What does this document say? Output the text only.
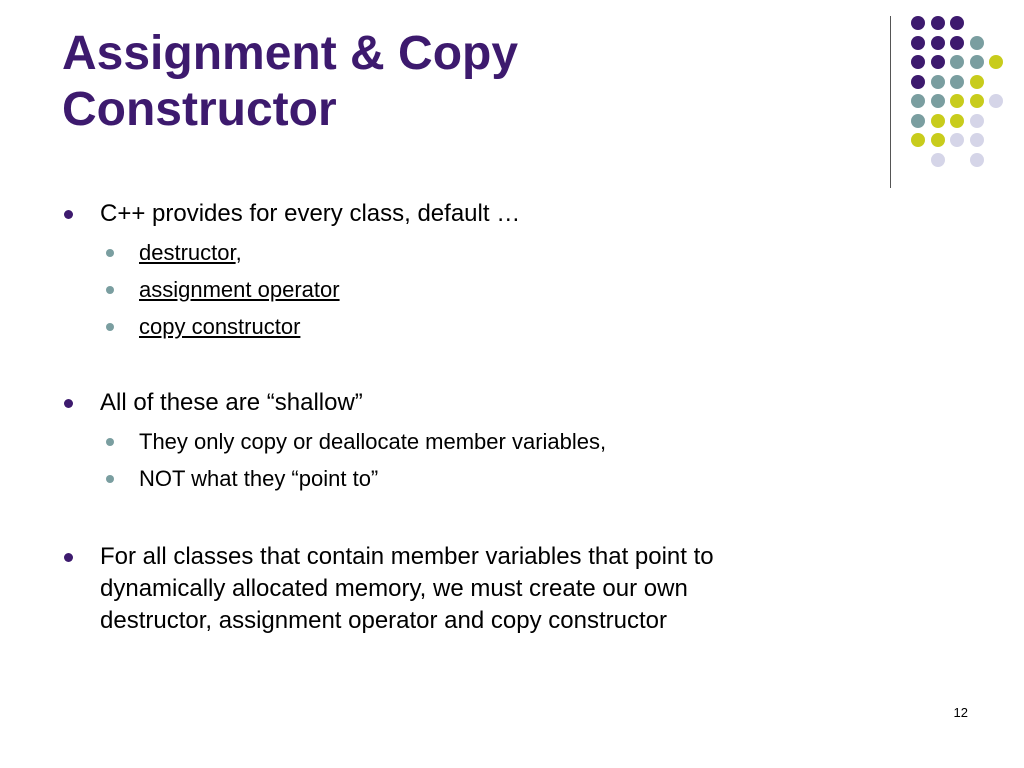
Assignment & Copy
Constructor
C++ provides for every class, default …
destructor,
assignment operator
copy constructor
All of these are “shallow”
They only copy or deallocate member variables,
NOT what they “point to”
For all classes that contain member variables that point to
dynamically allocated memory, we must create our own
destructor, assignment operator and copy constructor
12
